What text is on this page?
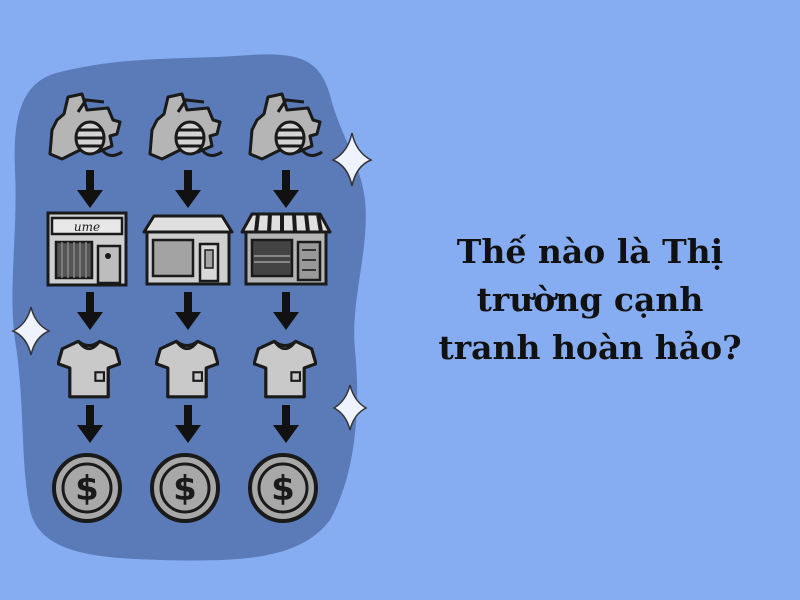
ume
$ $ $
Thế nào là Thị
trường cạnh
tranh hoàn hảo?
